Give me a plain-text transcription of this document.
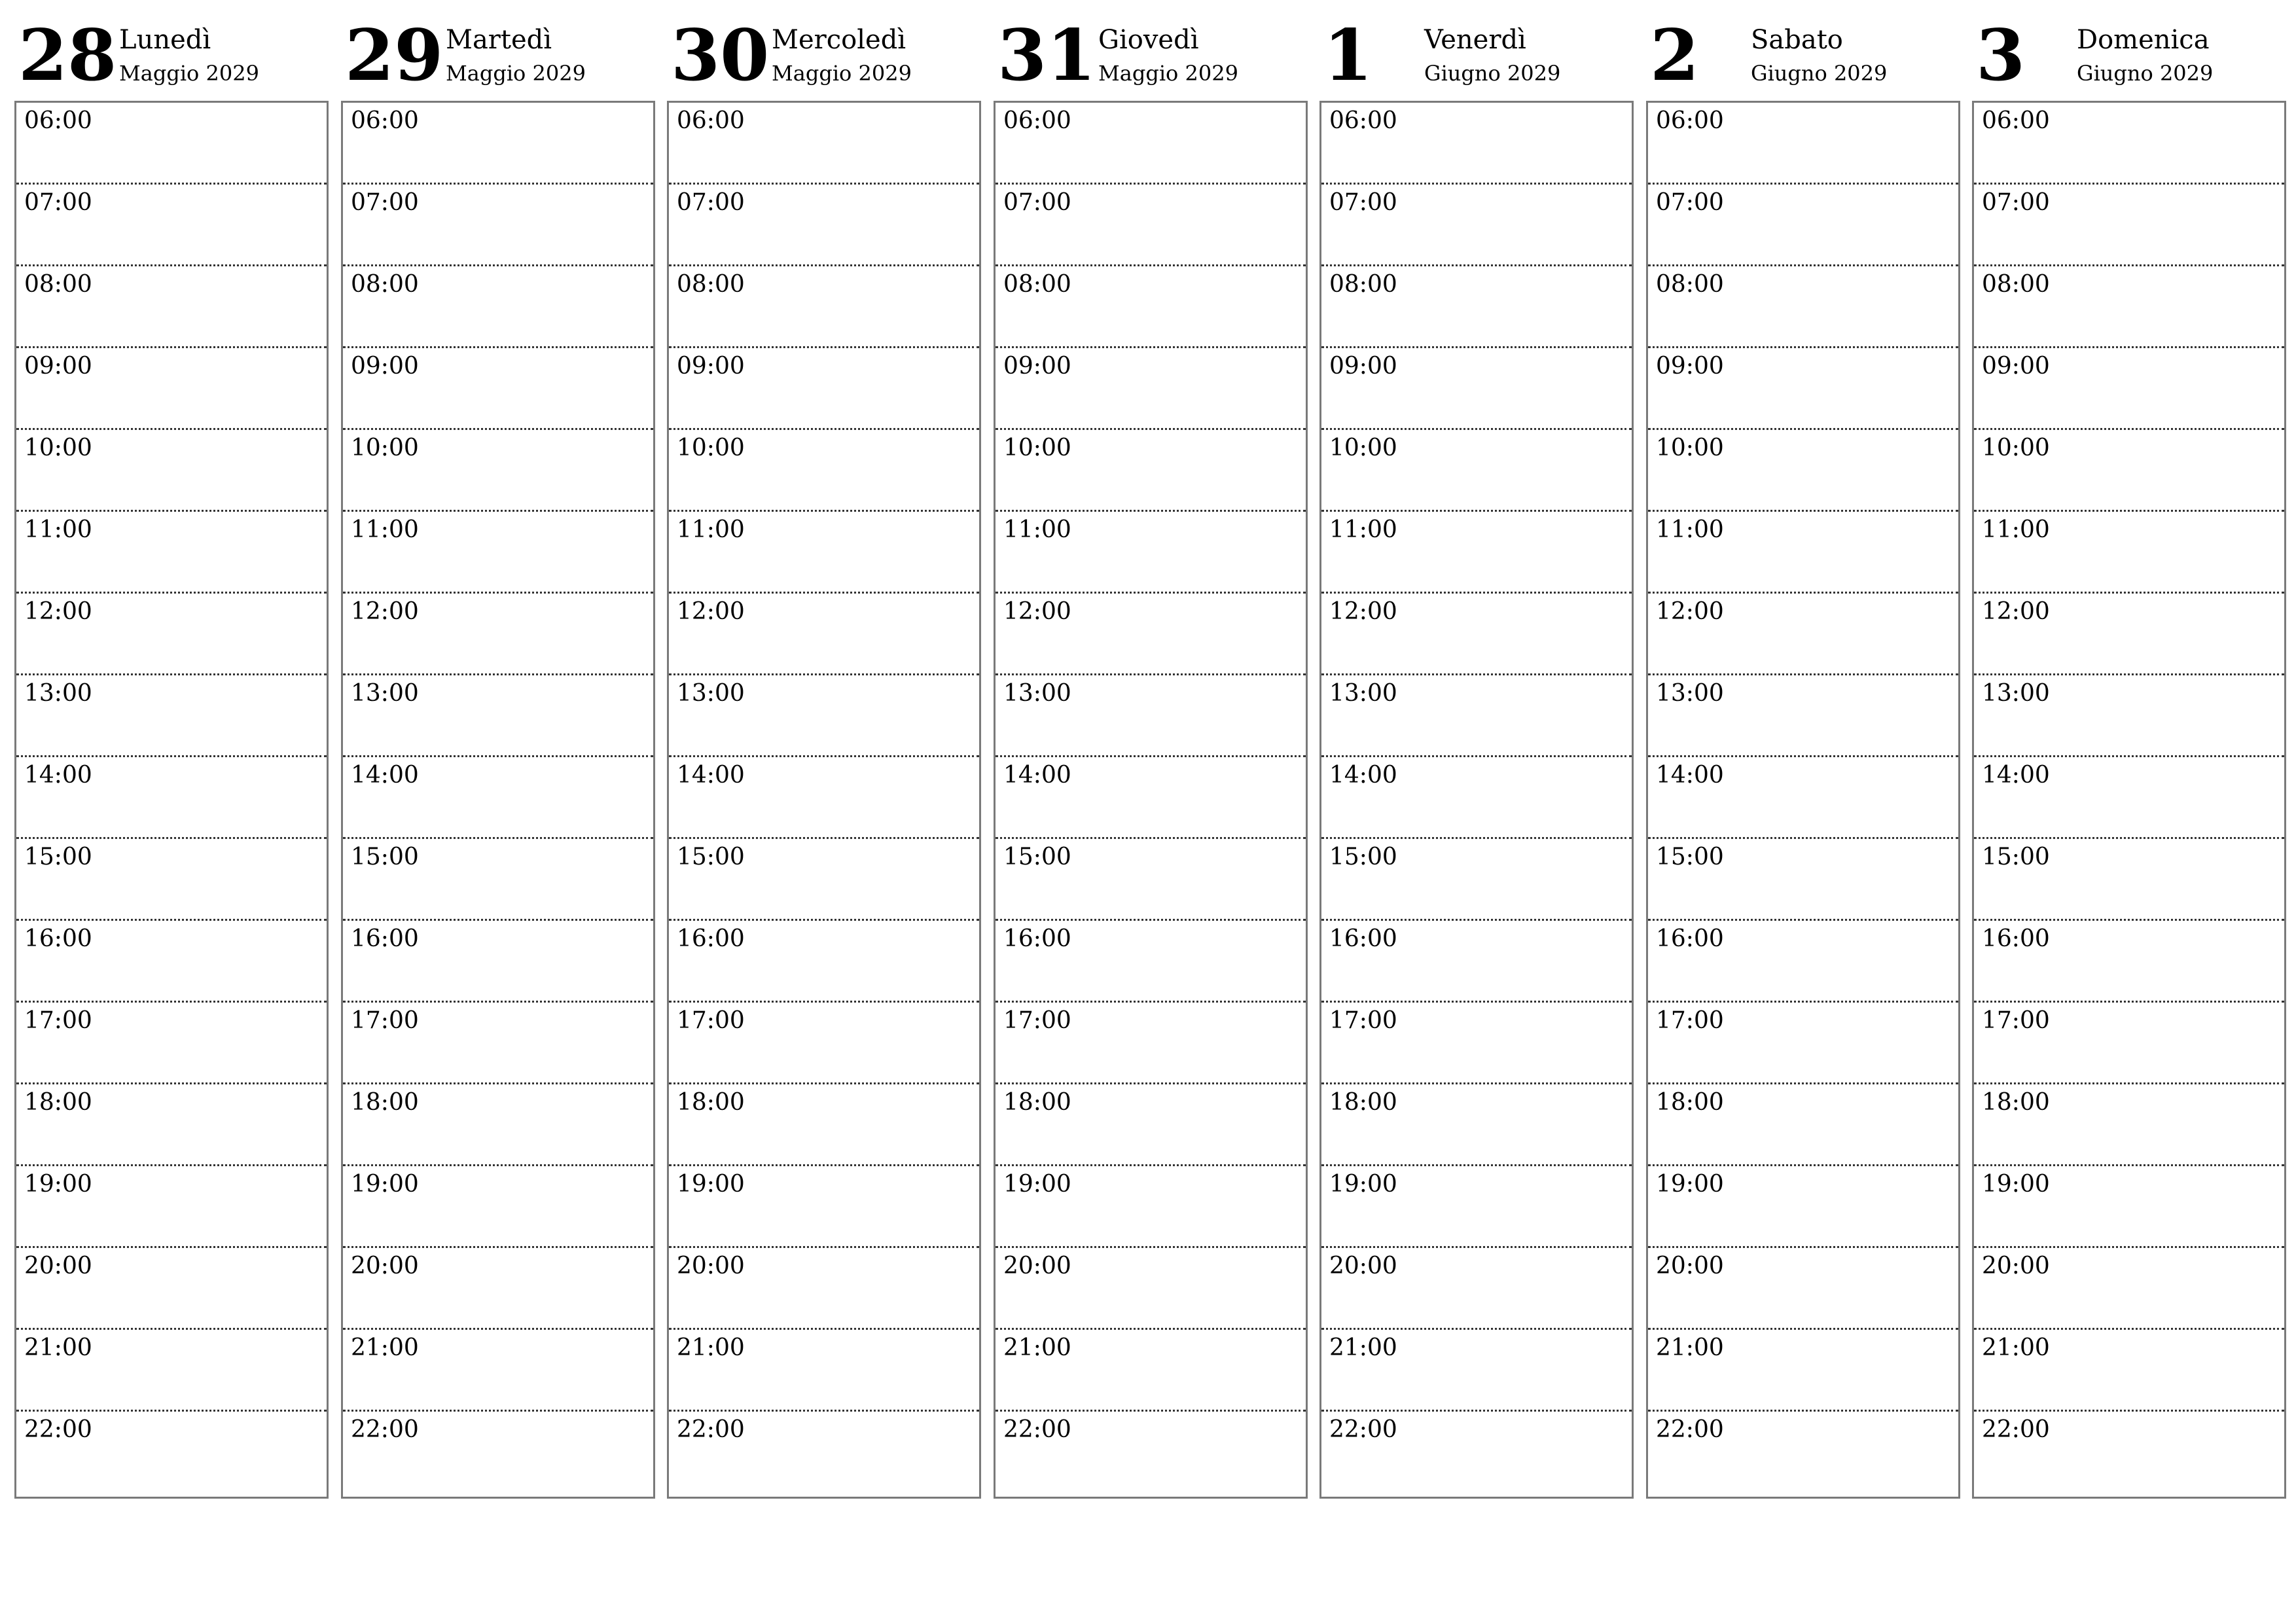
28 Lunedì
Maggio 2029
06:00
07:00
08:00
09:00
10:00
11:00
12:00
13:00
14:00
15:00
16:00
17:00
18:00
19:00
20:00
21:00
22:00
29 Martedì
Maggio 2029
06:00
07:00
08:00
09:00
10:00
11:00
12:00
13:00
14:00
15:00
16:00
17:00
18:00
19:00
20:00
21:00
22:00
30 Mercoledì
Maggio 2029
06:00
07:00
08:00
09:00
10:00
11:00
12:00
13:00
14:00
15:00
16:00
17:00
18:00
19:00
20:00
21:00
22:00
31 Giovedì
Maggio 2029
06:00
07:00
08:00
09:00
10:00
11:00
12:00
13:00
14:00
15:00
16:00
17:00
18:00
19:00
20:00
21:00
22:00
1 Venerdì
Giugno 2029
06:00
07:00
08:00
09:00
10:00
11:00
12:00
13:00
14:00
15:00
16:00
17:00
18:00
19:00
20:00
21:00
22:00
2 Sabato
Giugno 2029
06:00
07:00
08:00
09:00
10:00
11:00
12:00
13:00
14:00
15:00
16:00
17:00
18:00
19:00
20:00
21:00
22:00
3 Domenica
Giugno 2029
06:00
07:00
08:00
09:00
10:00
11:00
12:00
13:00
14:00
15:00
16:00
17:00
18:00
19:00
20:00
21:00
22:00
